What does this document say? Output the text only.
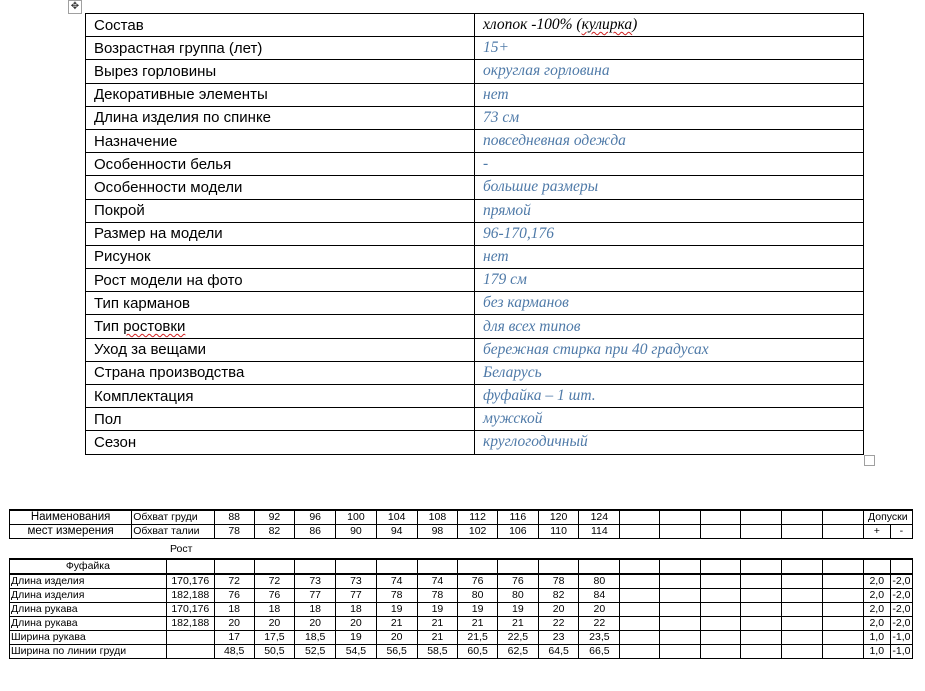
✥
Состав	хлопок -100% (кулирка)
Возрастная группа (лет)	15+
Вырез горловины	округлая горловина
Декоративные элементы	нет
Длина изделия по спинке	73 см
Назначение	повседневная одежда
Особенности белья	-
Особенности модели	большие размеры
Покрой	прямой
Размер на модели	96-170,176
Рисунок	нет
Рост модели на фото	179 см
Тип карманов	без карманов
Тип ростовки	для всех типов
Уход за вещами	бережная стирка при 40 градусах
Страна производства	Беларусь
Комплектация	фуфайка – 1 шт.
Пол	мужской
Сезон	круглогодичный
Наименования	Обхват груди	88	92	96	100	104	108	112	116	120	124							Допуски	
мест измерения	Обхват талии	78	82	86	90	94	98	102	106	110	114							+	-
Рост
Фуфайка																			
Длина изделия	170,176	72	72	73	73	74	74	76	76	78	80							2,0	-2,0
Длина изделия	182,188	76	76	77	77	78	78	80	80	82	84							2,0	-2,0
Длина рукава	170,176	18	18	18	18	19	19	19	19	20	20							2,0	-2,0
Длина рукава	182,188	20	20	20	20	21	21	21	21	22	22							2,0	-2,0
Ширина рукава		17	17,5	18,5	19	20	21	21,5	22,5	23	23,5							1,0	-1,0
Ширина по линии груди		48,5	50,5	52,5	54,5	56,5	58,5	60,5	62,5	64,5	66,5							1,0	-1,0
